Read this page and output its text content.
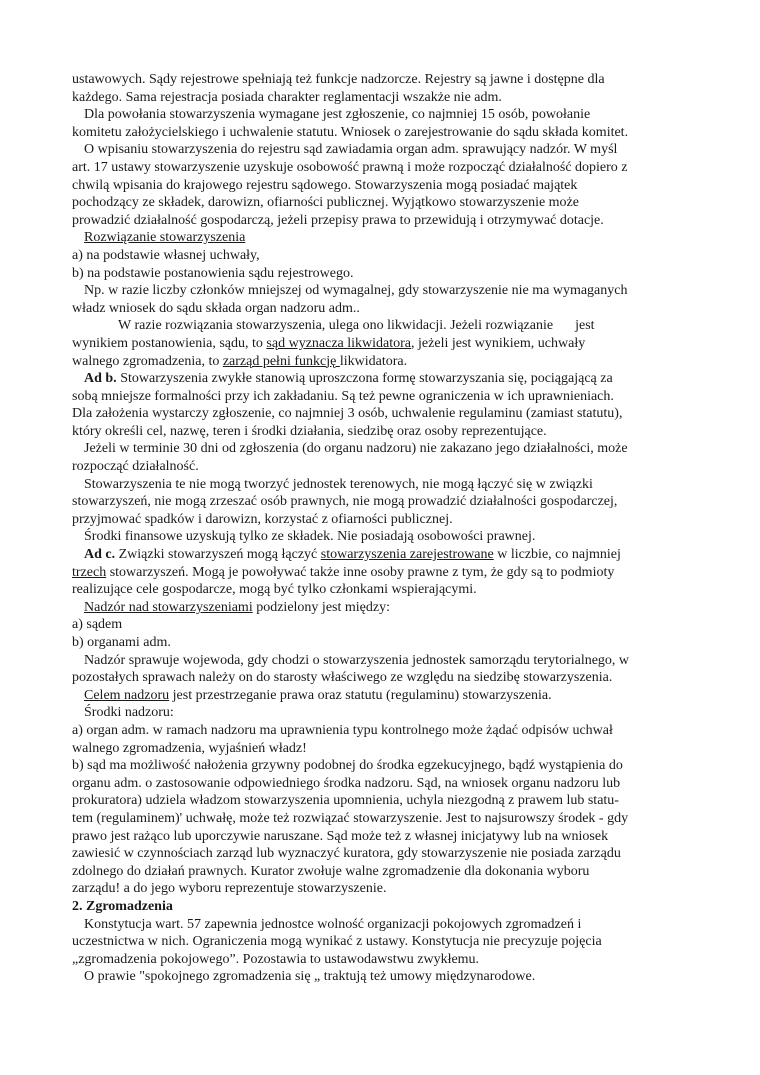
ustawowych. Sądy rejestrowe spełniają też funkcje nadzorcze. Rejestry są jawne i dostępne dla
każdego. Sama rejestracja posiada charakter reglamentacji wszakże nie adm.
Dla powołania stowarzyszenia wymagane jest zgłoszenie, co najmniej 15 osób, powołanie
komitetu założycielskiego i uchwalenie statutu. Wniosek o zarejestrowanie do sądu składa komitet.
O wpisaniu stowarzyszenia do rejestru sąd zawiadamia organ adm. sprawujący nadzór. W myśl
art. 17 ustawy stowarzyszenie uzyskuje osobowość prawną i może rozpocząć działalność dopiero z
chwilą wpisania do krajowego rejestru sądowego. Stowarzyszenia mogą posiadać majątek
pochodzący ze składek, darowizn, ofiarności publicznej. Wyjątkowo stowarzyszenie może
prowadzić działalność gospodarczą, jeżeli przepisy prawa to przewidują i otrzymywać dotacje.
Rozwiązanie stowarzyszenia
a) na podstawie własnej uchwały,
b) na podstawie postanowienia sądu rejestrowego.
Np. w razie liczby członków mniejszej od wymagalnej, gdy stowarzyszenie nie ma wymaganych
władz wniosek do sądu składa organ nadzoru adm..
W razie rozwiązania stowarzyszenia, ulega ono likwidacji. Jeżeli rozwiązanie jest
wynikiem postanowienia, sądu, to sąd wyznacza likwidatora, jeżeli jest wynikiem, uchwały
walnego zgromadzenia, to zarząd pełni funkcję likwidatora.
Ad b. Stowarzyszenia zwykłe stanowią uproszczona formę stowarzyszania się, pociągającą za
sobą mniejsze formalności przy ich zakładaniu. Są też pewne ograniczenia w ich uprawnieniach.
Dla założenia wystarczy zgłoszenie, co najmniej 3 osób, uchwalenie regulaminu (zamiast statutu),
który określi cel, nazwę, teren i środki działania, siedzibę oraz osoby reprezentujące.
Jeżeli w terminie 30 dni od zgłoszenia (do organu nadzoru) nie zakazano jego działalności, może
rozpocząć działalność.
Stowarzyszenia te nie mogą tworzyć jednostek terenowych, nie mogą łączyć się w związki
stowarzyszeń, nie mogą zrzeszać osób prawnych, nie mogą prowadzić działalności gospodarczej,
przyjmować spadków i darowizn, korzystać z ofiarności publicznej.
Środki finansowe uzyskują tylko ze składek. Nie posiadają osobowości prawnej.
Ad c. Związki stowarzyszeń mogą łączyć stowarzyszenia zarejestrowane w liczbie, co najmniej
trzech stowarzyszeń. Mogą je powoływać także inne osoby prawne z tym, że gdy są to podmioty
realizujące cele gospodarcze, mogą być tylko członkami wspierającymi.
Nadzór nad stowarzyszeniami podzielony jest między:
a) sądem
b) organami adm.
Nadzór sprawuje wojewoda, gdy chodzi o stowarzyszenia jednostek samorządu terytorialnego, w
pozostałych sprawach należy on do starosty właściwego ze względu na siedzibę stowarzyszenia.
Celem nadzoru jest przestrzeganie prawa oraz statutu (regulaminu) stowarzyszenia.
Środki nadzoru:
a) organ adm. w ramach nadzoru ma uprawnienia typu kontrolnego może żądać odpisów uchwał
walnego zgromadzenia, wyjaśnień władz!
b) sąd ma możliwość nałożenia grzywny podobnej do środka egzekucyjnego, bądź wystąpienia do
organu adm. o zastosowanie odpowiedniego środka nadzoru. Sąd, na wniosek organu nadzoru lub
prokuratora) udziela władzom stowarzyszenia upomnienia, uchyla niezgodną z prawem lub statu-
tem (regulaminem)' uchwałę, może też rozwiązać stowarzyszenie. Jest to najsurowszy środek - gdy
prawo jest rażąco lub uporczywie naruszane. Sąd może też z własnej inicjatywy lub na wniosek
zawiesić w czynnościach zarząd lub wyznaczyć kuratora, gdy stowarzyszenie nie posiada zarządu
zdolnego do działań prawnych. Kurator zwołuje walne zgromadzenie dla dokonania wyboru
zarządu! a do jego wyboru reprezentuje stowarzyszenie.
2. Zgromadzenia
Konstytucja wart. 57 zapewnia jednostce wolność organizacji pokojowych zgromadzeń i
uczestnictwa w nich. Ograniczenia mogą wynikać z ustawy. Konstytucja nie precyzuje pojęcia
„zgromadzenia pokojowego”. Pozostawia to ustawodawstwu zwykłemu.
O prawie "spokojnego zgromadzenia się „ traktują też umowy międzynarodowe.
